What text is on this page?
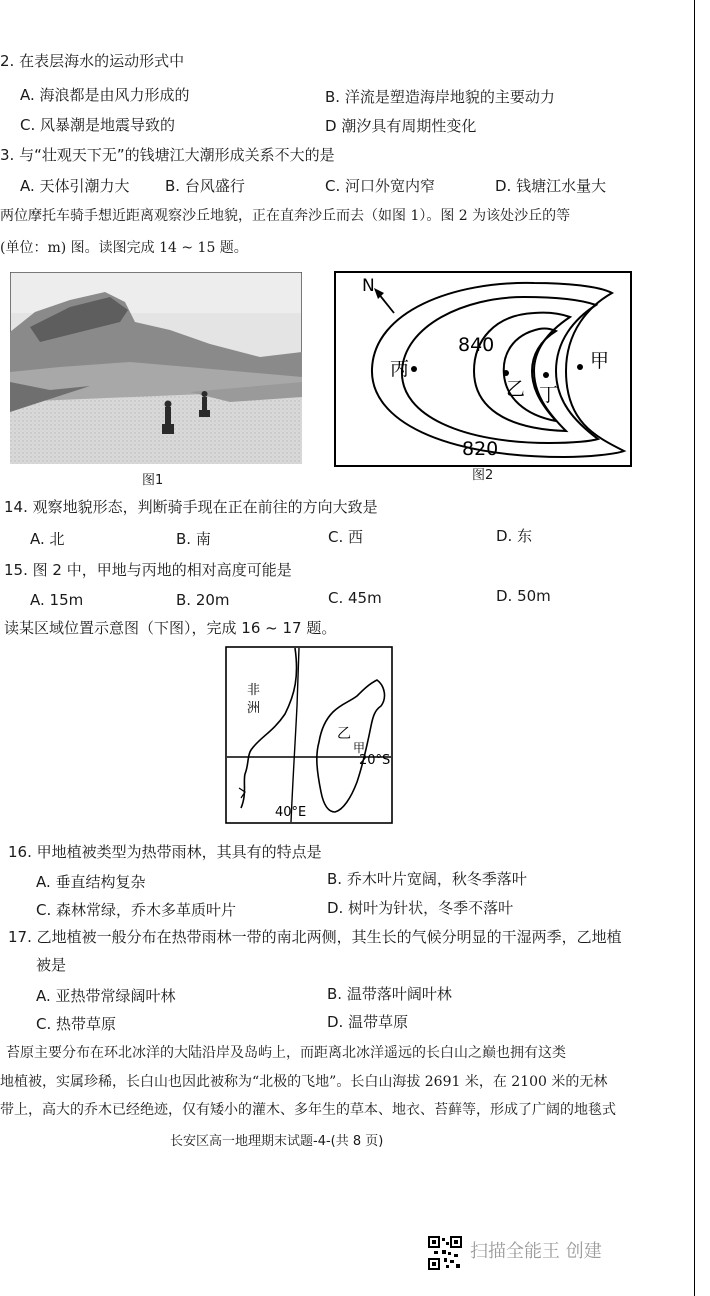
2. 在表层海水的运动形式中
A. 海浪都是由风力形成的	B. 洋流是塑造海岸地貌的主要动力
C. 风暴潮是地震导致的	D 潮汐具有周期性变化
3. 与“壮观天下无”的钱塘江大潮形成关系不大的是
A. 天体引潮力大 B. 台风盛行	C. 河口外宽内窄	D. 钱塘江水量大
两位摩托车骑手想近距离观察沙丘地貌，正在直奔沙丘而去（如图 1）。图 2 为该处沙丘的等
(单位：m) 图。读图完成 14 ~ 15 题。
图1
N
840
820
丙
乙 丁
甲
图2
14. 观察地貌形态，判断骑手现在正在前往的方向大致是
A. 北	B. 南	C. 西	D. 东
15. 图 2 中，甲地与丙地的相对高度可能是
A. 15m	B. 20m	C. 45m	D. 50m
读某区域位置示意图（下图），完成 16 ~ 17 题。
非
洲
乙
甲
20°S
40°E
16. 甲地植被类型为热带雨林，其具有的特点是
A. 垂直结构复杂	B. 乔木叶片宽阔，秋冬季落叶
C. 森林常绿，乔木多革质叶片	D. 树叶为针状，冬季不落叶
17. 乙地植被一般分布在热带雨林一带的南北两侧，其生长的气候分明显的干湿两季，乙地植
被是
A. 亚热带常绿阔叶林	B. 温带落叶阔叶林
C. 热带草原	D. 温带草原
苔原主要分布在环北冰洋的大陆沿岸及岛屿上，而距离北冰洋遥远的长白山之巅也拥有这类
地植被，实属珍稀，长白山也因此被称为“北极的飞地”。长白山海拔 2691 米，在 2100 米的无林
带上，高大的乔木已经绝迹，仅有矮小的灌木、多年生的草本、地衣、苔藓等，形成了广阔的地毯式
长安区高一地理期末试题-4-(共 8 页)
扫描全能王 创建
